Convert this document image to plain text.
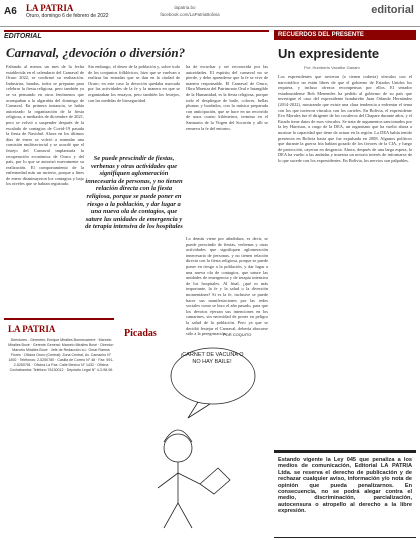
A6 LA PATRIA
Oruro, domingo 6 de febrero de 2022
lapatria.bo
facebook.com/LaPatriaBolivia	editorial
EDITORIAL
Carnaval, ¿devoción o diversión?
Faltando al menos un mes de la fecha establecida en el calendario del Carnaval de Oruro 2022, se confirmó su realización. Industrias, bandas, todos se preparan para celebrar la fiesta religiosa, pero también ya se va pensando en otros fenómenos que acompañan a la algarabía del domingo de Carnaval. En primera instancia, se había autorizado la organización de la fiesta religiosa, a mediados de diciembre de 2021, pero se volvió a suspender después de la escalada de contagios de Covid-19 pasada la fiesta de Navidad. Ahora en los últimos días de enero se volvió a reanudar una comisión multisectorial y se acordó que el festejo del Carnaval implantaría la recuperación económica de Oruro y del país, por lo que se autorizó nuevamente su realización. El comportamiento de la enfermedad más un incierto, porque a fines de enero disminuyeron los contagios y bajo los niveles que se habían registrado.
Sin embargo, el deseo de la población y, sobre todo de los conjuntos folklóricos, hizo que se vuelvan a realizar las entradas que se dan en la ciudad de Oruro; en este caso la devoción quedaba marcada por las actividades de la fe y la manera en que se organizaban los ensayos, pero también los festejos, con las medidas de bioseguridad.
Se puede prescindir de fiestas, verbenas y otras actividades que signifiquen aglomeración innecesaria de personas, y no tienen relación directa con la fiesta religiosa, porque se puede poner en riesgo a la población, y dar lugar a una nueva ola de contagios, que sature las unidades de emergencia y de terapia intensiva de los hospitales
ha de escuchar y ser reconocida por las autoridades. El espíritu del carnaval no se pierde, y debe aprenderse que la fe se vive de manera responsable. El Carnaval de Oruro, Obra Maestra del Patrimonio Oral e Intangible de la Humanidad, es la fiesta religiosa, porque todo el despliegue de baile, colores, bellas plumas y bordados, con la música preparada con anticipación, que se hace en un recorrido de unos cuatro kilómetros, termina en el Santuario de la Virgen del Socavón y allí se renueva la fe del entorno.
Lo demás viene por añadidura, es decir, se puede prescindir de fiestas, verbenas y otras actividades que signifiquen aglomeración innecesaria de personas, y no tienen relación directa con la fiesta religiosa, porque se puede poner en riesgo a la población, y dar lugar a una nueva ola de contagios, que sature las unidades de emergencia y de terapia intensiva de los hospitales. Al final, ¿qué es más importante, la fe y la salud o la diversión momentánea? Si es la fe, inclusive se puede hacer sus manifestaciones por las redes sociales como se hizo el año pasado, para que los devotos ejerzan sus intenciones en los camarines, sin necesidad de poner en peligro la salud de la población. Pero ya que se decidió festejar el Carnaval, debería abocarse sólo a la peregrinación.
RECUERDOS DEL PRESENTE
Un expresidente
Por: Humberto Vacaflor Ganam
Los expresidentes que tuvieron (o tienen todavía) vínculos con el narcotráfico no están libres de que el gobierno de Estados Unidos los requiera, y incluso ofrezca recompensas por ellos. El senador estadounidense Bob Menendez ha pedido al gobierno de su país que investigue el caso del expresidente hondureño Juan Orlando Hernández (2014-2022), mostrando que existe una clara tendencia a enfrentar el tema con los que tuvieron vínculos con los carteles. En Bolivia, el expresidente Evo Morales fue el dirigente de los cocaleros del Chapare durante años, y el Estado tiene datos de esos vínculos. Se trata de argumentos sancionados por la ley Harrison, a cargo de la DEA, un organismo que ha vuelto ahora a mostrar la capacidad que tiene de actuar en la región. La DEA había tenido presencia en Bolivia hasta que fue expulsada en 2008. Algunos políticos que durante la guerra fría habían gozado de los favores de la CIA, y luego de protección, cayeron en desgracia. Ahora, después de una larga espera, la DEA ha vuelto a las andadas y muestra un notorio interés de informarse de lo que sucede con los expresidentes. En Bolivia, los nervios son palpables.
LA PATRIA
Directores - Gerentes: Enrique Miralles Bonnecarrere · Marcelo Miralles Bové · Gerente General: Marcelo Miralles Bové · Director: Marcelo Miralles Bové · Jefe de Redacción a.i.: Omar Ramos Flores · Oficina Oruro (Central): Zona Central, Av. Camacho N° 1892 · Teléfonos: 2-5250780 · Casilla de Correo N° 48 · Fax: 591-2-5250781 · Oficina La Paz: Calle Mexico N° 1432 · Oficina Cochabamba: Teléfono 76130012 · Depósito Legal N° 4-3-98-96
Picadas	POR COQUITO
¡CARNET DE VACUNA O NO HAY BAILE!
Estando vigente la Ley 045 que penaliza a los medios de comunicación, Editorial LA PATRIA Ltda. se reserva el derecho de publicación y de rechazar cualquier aviso, información y/o nota de opinión que pueda penalizarnos. En consecuencia, no se podrá alegar contra el medio, discriminación, parcialización, autocensura o atropello al derecho a la libre expresión.
